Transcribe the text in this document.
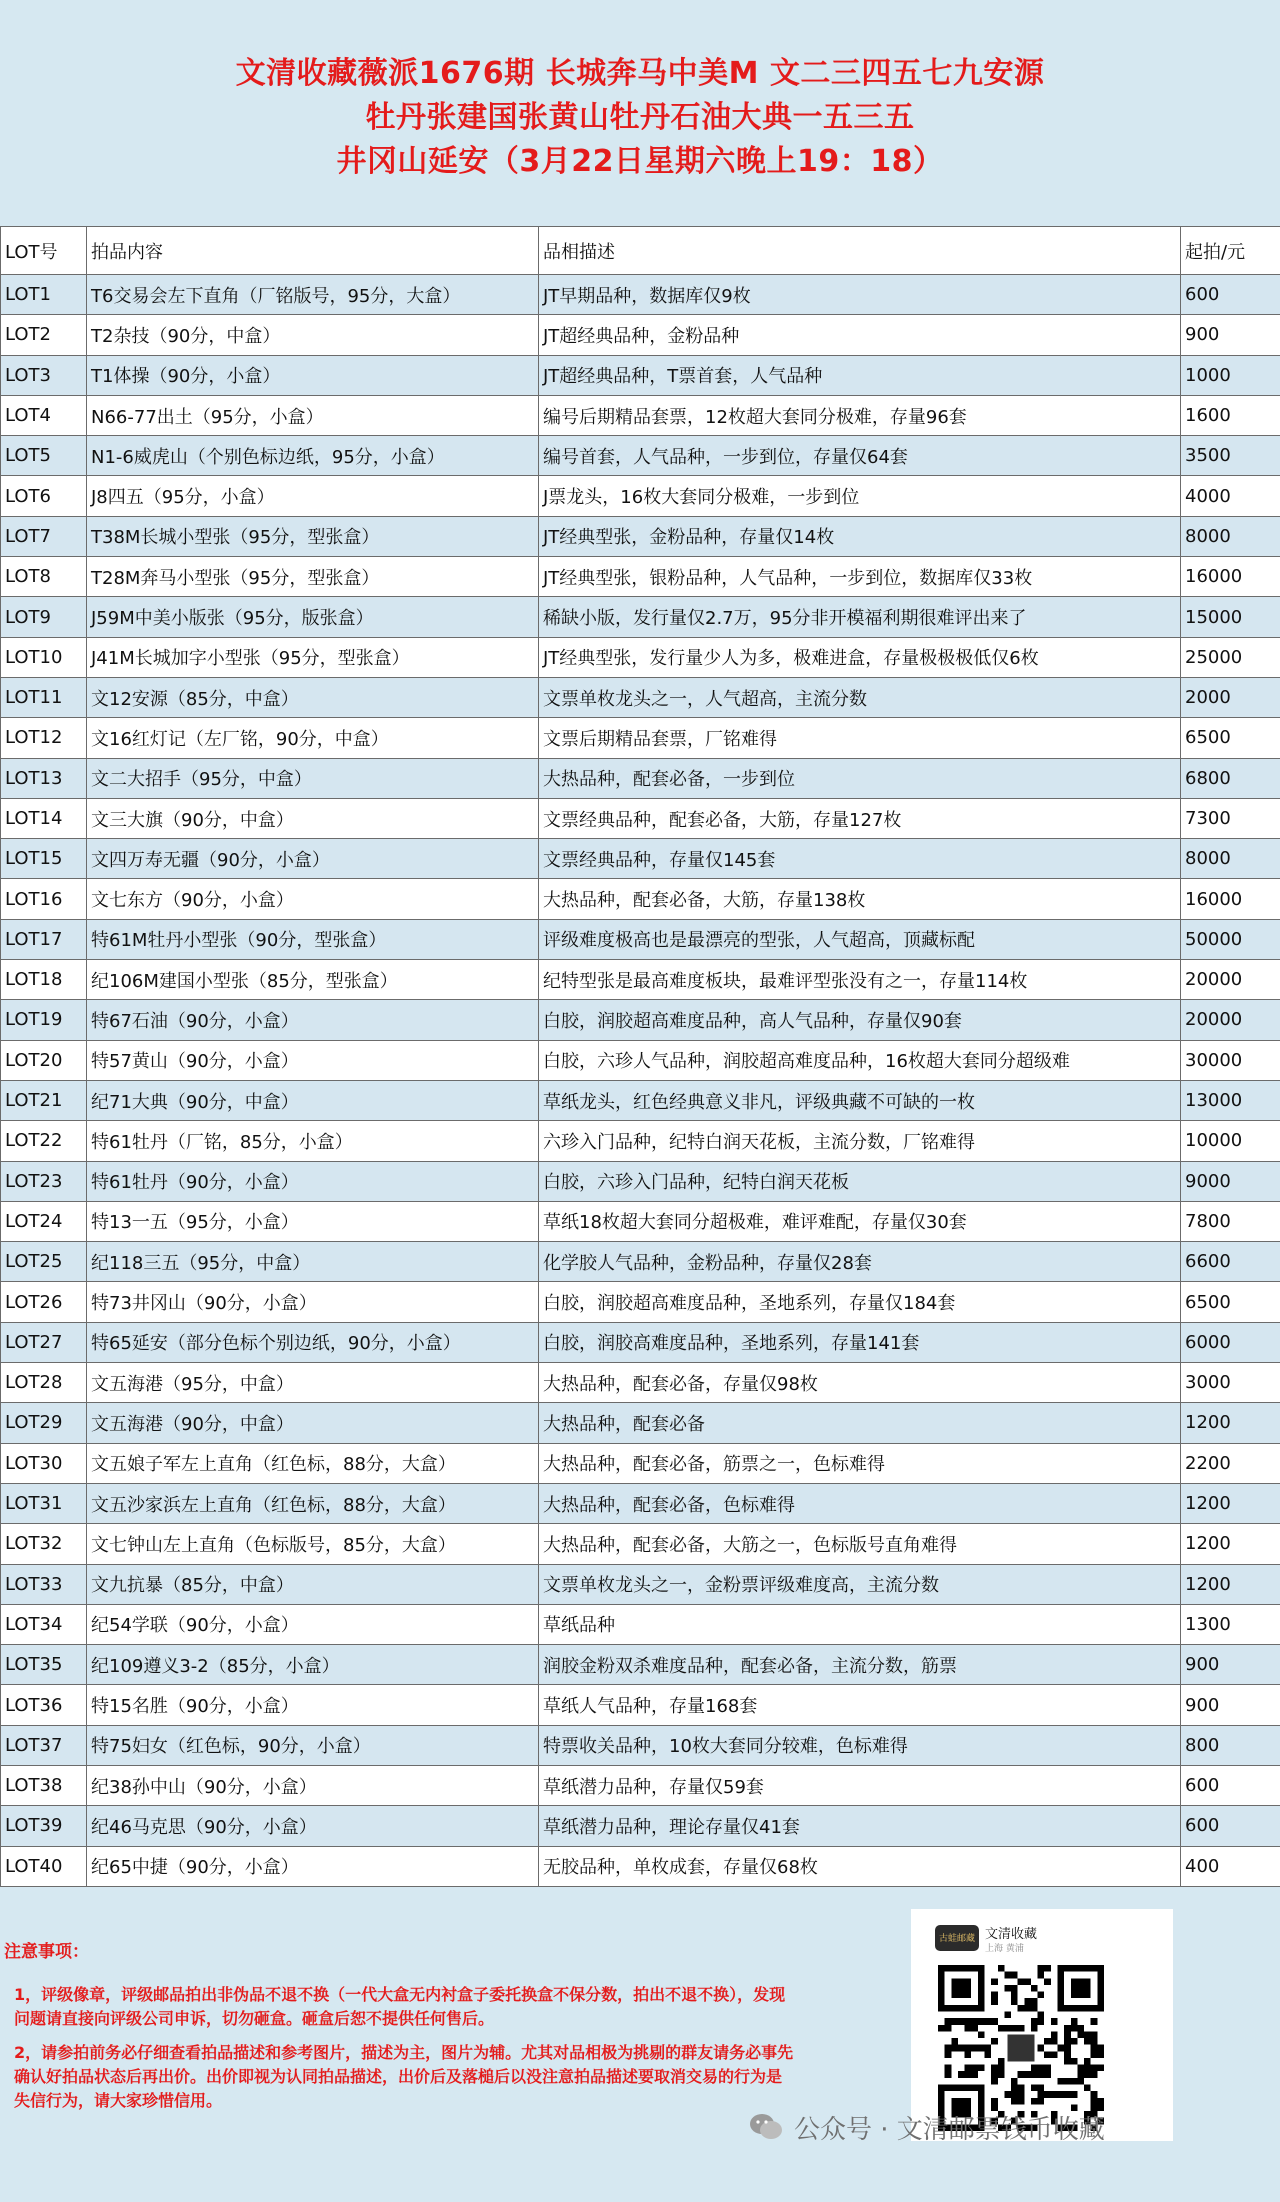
文清收藏薇派1676期 长城奔马中美M 文二三四五七九安源
牡丹张建国张黄山牡丹石油大典一五三五
井冈山延安（3月22日星期六晚上19：18）
LOT号	拍品内容	品相描述	起拍/元
LOT1	T6交易会左下直角（厂铭版号，95分，大盒）	JT早期品种，数据库仅9枚	600
LOT2	T2杂技（90分，中盒）	JT超经典品种，金粉品种	900
LOT3	T1体操（90分，小盒）	JT超经典品种，T票首套，人气品种	1000
LOT4	N66-77出土（95分，小盒）	编号后期精品套票，12枚超大套同分极难，存量96套	1600
LOT5	N1-6威虎山（个别色标边纸，95分，小盒）	编号首套，人气品种，一步到位，存量仅64套	3500
LOT6	J8四五（95分，小盒）	J票龙头，16枚大套同分极难，一步到位	4000
LOT7	T38M长城小型张（95分，型张盒）	JT经典型张，金粉品种，存量仅14枚	8000
LOT8	T28M奔马小型张（95分，型张盒）	JT经典型张，银粉品种，人气品种，一步到位，数据库仅33枚	16000
LOT9	J59M中美小版张（95分，版张盒）	稀缺小版，发行量仅2.7万，95分非开模福利期很难评出来了	15000
LOT10	J41M长城加字小型张（95分，型张盒）	JT经典型张，发行量少人为多，极难进盒，存量极极极低仅6枚	25000
LOT11	文12安源（85分，中盒）	文票单枚龙头之一，人气超高，主流分数	2000
LOT12	文16红灯记（左厂铭，90分，中盒）	文票后期精品套票，厂铭难得	6500
LOT13	文二大招手（95分，中盒）	大热品种，配套必备，一步到位	6800
LOT14	文三大旗（90分，中盒）	文票经典品种，配套必备，大筋，存量127枚	7300
LOT15	文四万寿无疆（90分，小盒）	文票经典品种，存量仅145套	8000
LOT16	文七东方（90分，小盒）	大热品种，配套必备，大筋，存量138枚	16000
LOT17	特61M牡丹小型张（90分，型张盒）	评级难度极高也是最漂亮的型张，人气超高，顶藏标配	50000
LOT18	纪106M建国小型张（85分，型张盒）	纪特型张是最高难度板块，最难评型张没有之一，存量114枚	20000
LOT19	特67石油（90分，小盒）	白胶，润胶超高难度品种，高人气品种，存量仅90套	20000
LOT20	特57黄山（90分，小盒）	白胶，六珍人气品种，润胶超高难度品种，16枚超大套同分超级难	30000
LOT21	纪71大典（90分，中盒）	草纸龙头，红色经典意义非凡，评级典藏不可缺的一枚	13000
LOT22	特61牡丹（厂铭，85分，小盒）	六珍入门品种，纪特白润天花板，主流分数，厂铭难得	10000
LOT23	特61牡丹（90分，小盒）	白胶，六珍入门品种，纪特白润天花板	9000
LOT24	特13一五（95分，小盒）	草纸18枚超大套同分超极难，难评难配，存量仅30套	7800
LOT25	纪118三五（95分，中盒）	化学胶人气品种，金粉品种，存量仅28套	6600
LOT26	特73井冈山（90分，小盒）	白胶，润胶超高难度品种，圣地系列，存量仅184套	6500
LOT27	特65延安（部分色标个别边纸，90分，小盒）	白胶，润胶高难度品种，圣地系列，存量141套	6000
LOT28	文五海港（95分，中盒）	大热品种，配套必备，存量仅98枚	3000
LOT29	文五海港（90分，中盒）	大热品种，配套必备	1200
LOT30	文五娘子军左上直角（红色标，88分，大盒）	大热品种，配套必备，筋票之一，色标难得	2200
LOT31	文五沙家浜左上直角（红色标，88分，大盒）	大热品种，配套必备，色标难得	1200
LOT32	文七钟山左上直角（色标版号，85分，大盒）	大热品种，配套必备，大筋之一，色标版号直角难得	1200
LOT33	文九抗暴（85分，中盒）	文票单枚龙头之一，金粉票评级难度高，主流分数	1200
LOT34	纪54学联（90分，小盒）	草纸品种	1300
LOT35	纪109遵义3-2（85分，小盒）	润胶金粉双杀难度品种，配套必备，主流分数，筋票	900
LOT36	特15名胜（90分，小盒）	草纸人气品种，存量168套	900
LOT37	特75妇女（红色标，90分，小盒）	特票收关品种，10枚大套同分较难，色标难得	800
LOT38	纪38孙中山（90分，小盒）	草纸潜力品种，存量仅59套	600
LOT39	纪46马克思（90分，小盒）	草纸潜力品种，理论存量仅41套	600
LOT40	纪65中捷（90分，小盒）	无胶品种，单枚成套，存量仅68枚	400
注意事项：
1，评级像章，评级邮品拍出非伪品不退不换（一代大盒无内衬盒子委托换盒不保分数，拍出不退不换），发现问题请直接向评级公司申诉，切勿砸盒。砸盒后恕不提供任何售后。
2，请参拍前务必仔细查看拍品描述和参考图片，描述为主，图片为辅。尤其对品相极为挑剔的群友请务必事先确认好拍品状态后再出价。出价即视为认同拍品描述，出价后及落槌后以没注意拍品描述要取消交易的行为是失信行为，请大家珍惜信用。
古蛙邮藏 文清收藏
上海 黄浦
公众号 · 文清邮票钱币收藏
